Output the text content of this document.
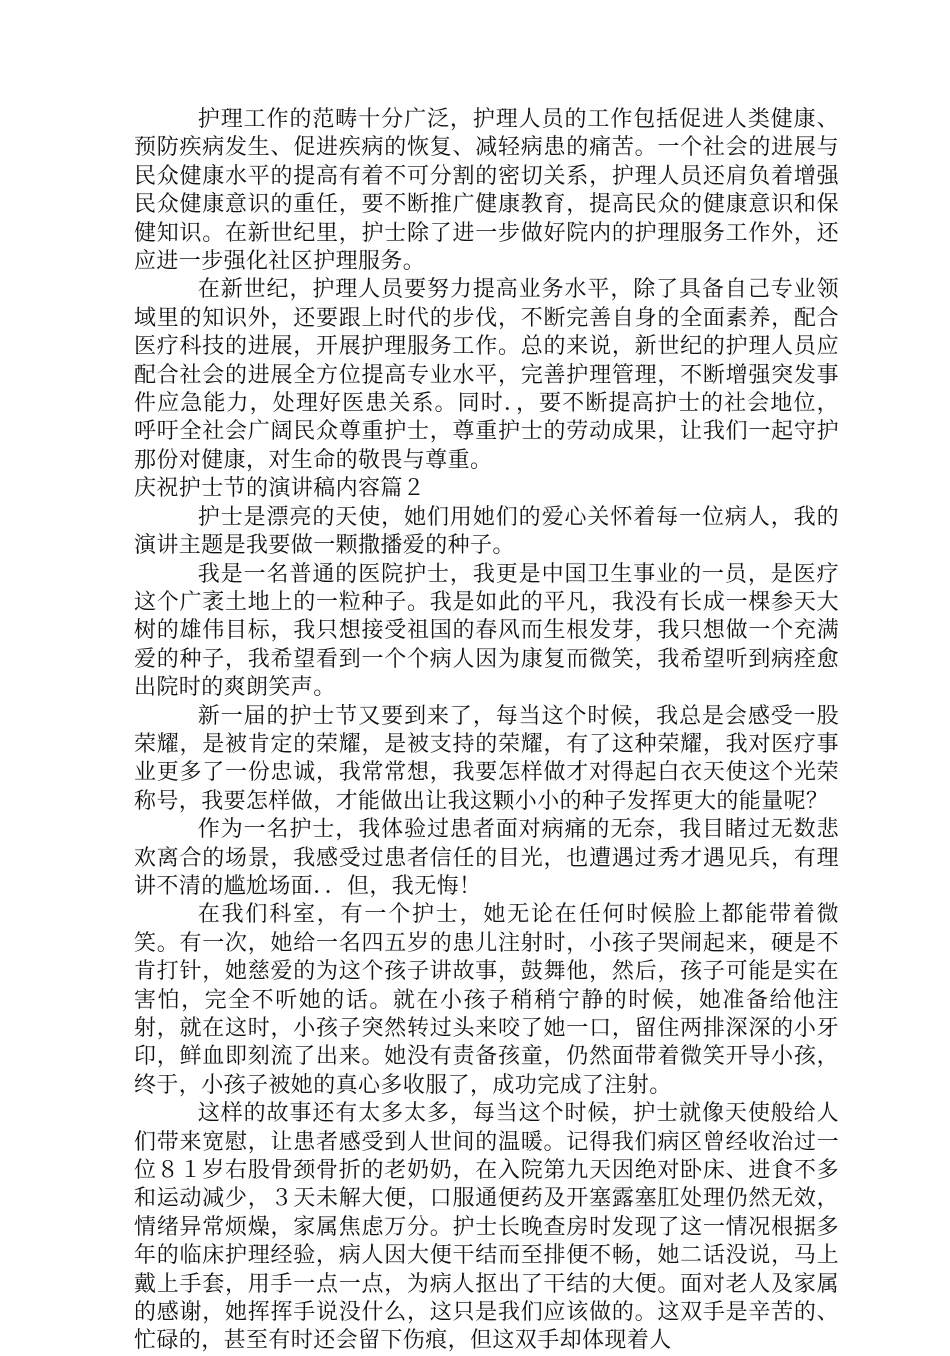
护理工作的范畴十分广泛，护理人员的工作包括促进人类健康、预防疾病发生、促进疾病的恢复、减轻病患的痛苦。一个社会的进展与民众健康水平的提高有着不可分割的密切关系，护理人员还肩负着增强民众健康意识的重任，要不断推广健康教育，提高民众的健康意识和保健知识。在新世纪里，护士除了进一步做好院内的护理服务工作外，还应进一步强化社区护理服务。

在新世纪，护理人员要努力提高业务水平，除了具备自己专业领域里的知识外，还要跟上时代的步伐，不断完善自身的全面素养，配合医疗科技的进展，开展护理服务工作。总的来说，新世纪的护理人员应配合社会的进展全方位提高专业水平，完善护理管理，不断增强突发事件应急能力，处理好医患关系。同时．，要不断提高护士的社会地位，呼吁全社会广阔民众尊重护士，尊重护士的劳动成果，让我们一起守护那份对健康，对生命的敬畏与尊重。

庆祝护士节的演讲稿内容篇２

护士是漂亮的天使，她们用她们的爱心关怀着每一位病人，我的演讲主题是我要做一颗撒播爱的种子。

我是一名普通的医院护士，我更是中国卫生事业的一员，是医疗这个广袤土地上的一粒种子。我是如此的平凡，我没有长成一棵参天大树的雄伟目标，我只想接受祖国的春风而生根发芽，我只想做一个充满爱的种子，我希望看到一个个病人因为康复而微笑，我希望听到病痊愈出院时的爽朗笑声。

新一届的护士节又要到来了，每当这个时候，我总是会感受一股荣耀，是被肯定的荣耀，是被支持的荣耀，有了这种荣耀，我对医疗事业更多了一份忠诚，我常常想，我要怎样做才对得起白衣天使这个光荣称号，我要怎样做，才能做出让我这颗小小的种子发挥更大的能量呢？

作为一名护士，我体验过患者面对病痛的无奈，我目睹过无数悲欢离合的场景，我感受过患者信任的目光，也遭遇过秀才遇见兵，有理讲不清的尴尬场面．．但，我无悔！

在我们科室，有一个护士，她无论在任何时候脸上都能带着微笑。有一次，她给一名四五岁的患儿注射时，小孩子哭闹起来，硬是不肯打针，她慈爱的为这个孩子讲故事，鼓舞他，然后，孩子可能是实在害怕，完全不听她的话。就在小孩子稍稍宁静的时候，她准备给他注射，就在这时，小孩子突然转过头来咬了她一口，留住两排深深的小牙印，鲜血即刻流了出来。她没有责备孩童，仍然面带着微笑开导小孩，终于，小孩子被她的真心多收服了，成功完成了注射。

这样的故事还有太多太多，每当这个时候，护士就像天使般给人们带来宽慰，让患者感受到人世间的温暖。记得我们病区曾经收治过一位８１岁右股骨颈骨折的老奶奶，在入院第九天因绝对卧床、进食不多和运动减少，３天未解大便，口服通便药及开塞露塞肛处理仍然无效，情绪异常烦燥，家属焦虑万分。护士长晚查房时发现了这一情况根据多年的临床护理经验，病人因大便干结而至排便不畅，她二话没说，马上戴上手套，用手一点一点，为病人抠出了干结的大便。面对老人及家属的感谢，她挥挥手说没什么，这只是我们应该做的。这双手是辛苦的、忙碌的，甚至有时还会留下伤痕，但这双手却体现着人
